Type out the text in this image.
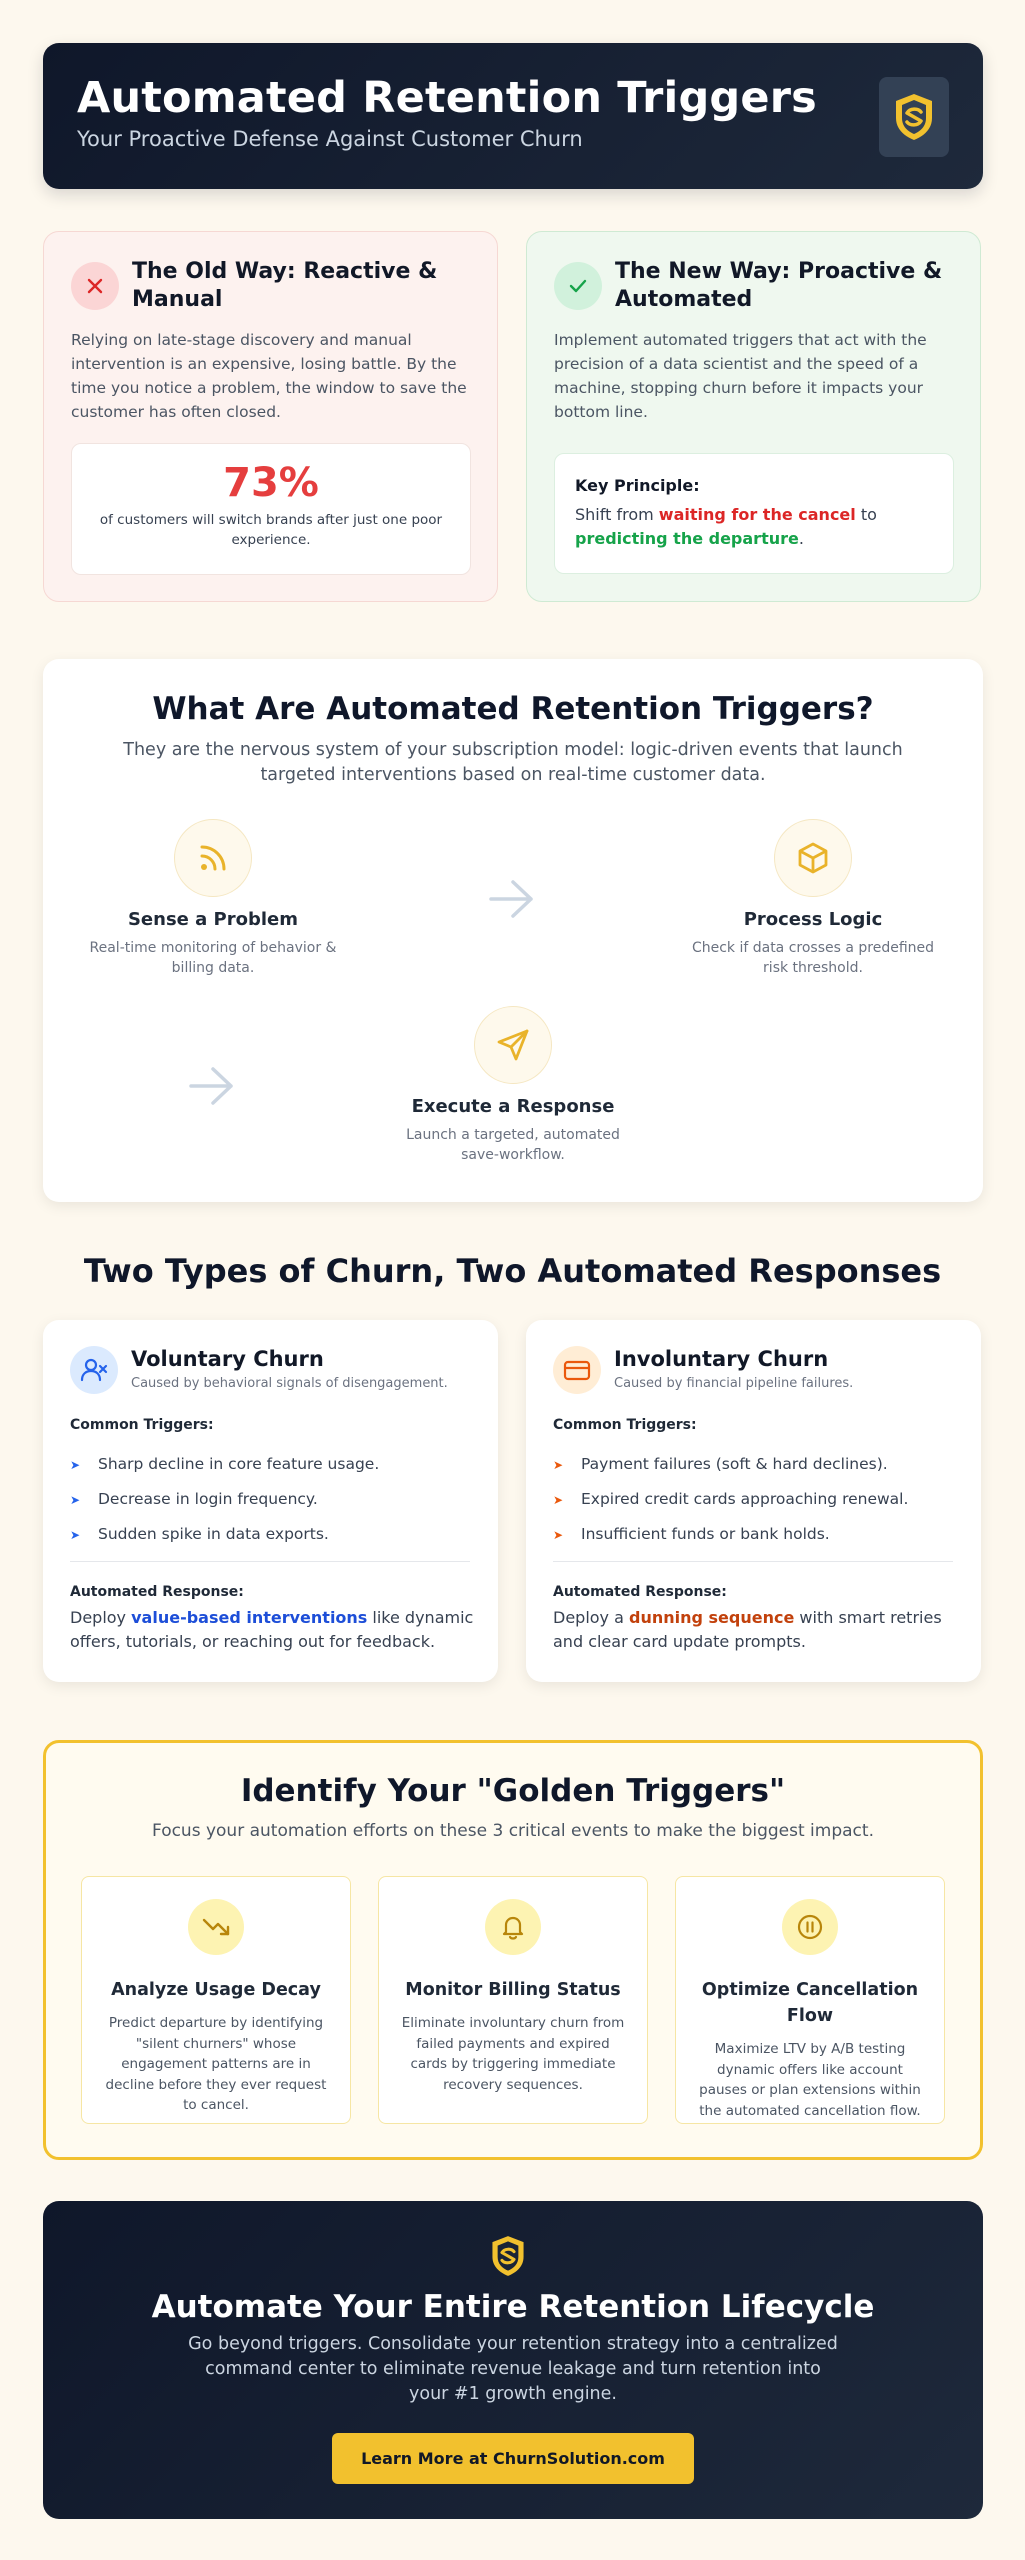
Automated Retention Triggers

Your Proactive Defense Against Customer Churn

The Old Way: Reactive & Manual

Relying on late-stage discovery and manual intervention is an expensive, losing battle. By the time you notice a problem, the window to save the customer has often closed.

73%
of customers will switch brands after just one poor experience.
The New Way: Proactive & Automated

Implement automated triggers that act with the precision of a data scientist and the speed of a machine, stopping churn before it impacts your bottom line.

Key Principle:

Shift from waiting for the cancel to predicting the departure.

What Are Automated Retention Triggers?

They are the nervous system of your subscription model: logic-driven events that launch targeted interventions based on real-time customer data.

Sense a Problem
Real-time monitoring of behavior & billing data.
Process Logic
Check if data crosses a predefined risk threshold.
Execute a Response
Launch a targeted, automated save-workflow.
Two Types of Churn, Two Automated Responses
Voluntary Churn
Caused by behavioral signals of disengagement.
Common Triggers:
➤ Sharp decline in core feature usage.
➤ Decrease in login frequency.
➤ Sudden spike in data exports.
Automated Response:

Deploy value-based interventions like dynamic offers, tutorials, or reaching out for feedback.

Involuntary Churn
Caused by financial pipeline failures.
Common Triggers:
➤ Payment failures (soft & hard declines).
➤ Expired credit cards approaching renewal.
➤ Insufficient funds or bank holds.
Automated Response:

Deploy a dunning sequence with smart retries and clear card update prompts.

Identify Your "Golden Triggers"

Focus your automation efforts on these 3 critical events to make the biggest impact.

Analyze Usage Decay
Predict departure by identifying "silent churners" whose engagement patterns are in decline before they ever request to cancel.
Monitor Billing Status
Eliminate involuntary churn from failed payments and expired cards by triggering immediate recovery sequences.
Optimize Cancellation Flow
Maximize LTV by A/B testing dynamic offers like account pauses or plan extensions within the automated cancellation flow.
Automate Your Entire Retention Lifecycle

Go beyond triggers. Consolidate your retention strategy into a centralized command center to eliminate revenue leakage and turn retention into your #1 growth engine.

Learn More at ChurnSolution.com
